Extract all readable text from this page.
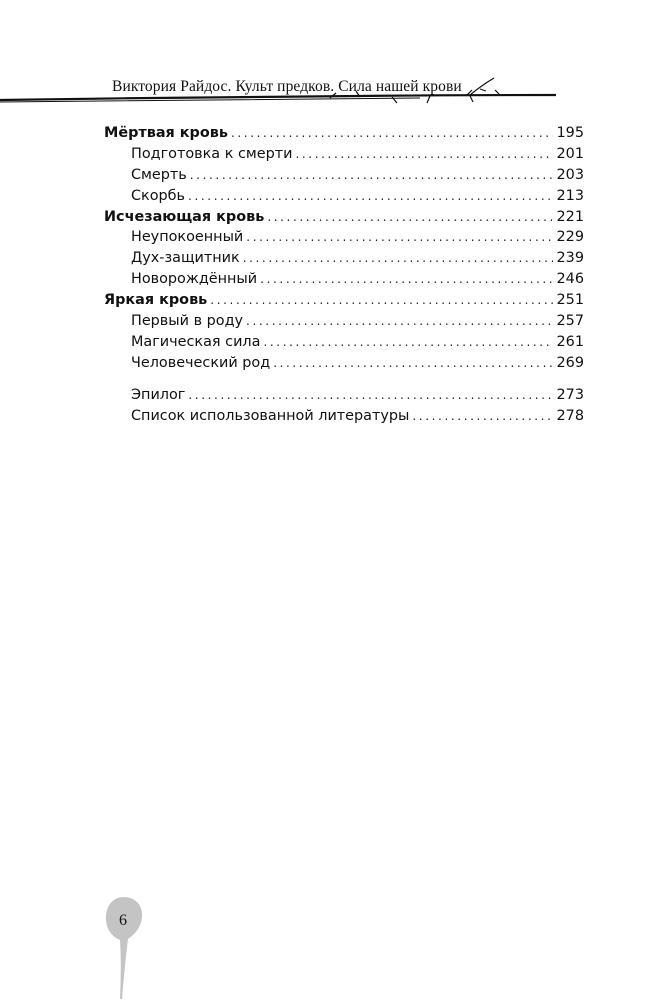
Виктория Райдос. Культ предков. Сила нашей крови
Мёртвая кровь .....	195
Подготовка к смерти .....	201
Смерть .....	203
Скорбь .....	213
Исчезающая кровь .....	221
Неупокоенный .....	229
Дух-защитник .....	239
Новорождённый .....	246
Яркая кровь .....	251
Первый в роду .....	257
Магическая сила .....	261
Человеческий род .....	269
Эпилог .....	273
Список использованной литературы .....	278
6
